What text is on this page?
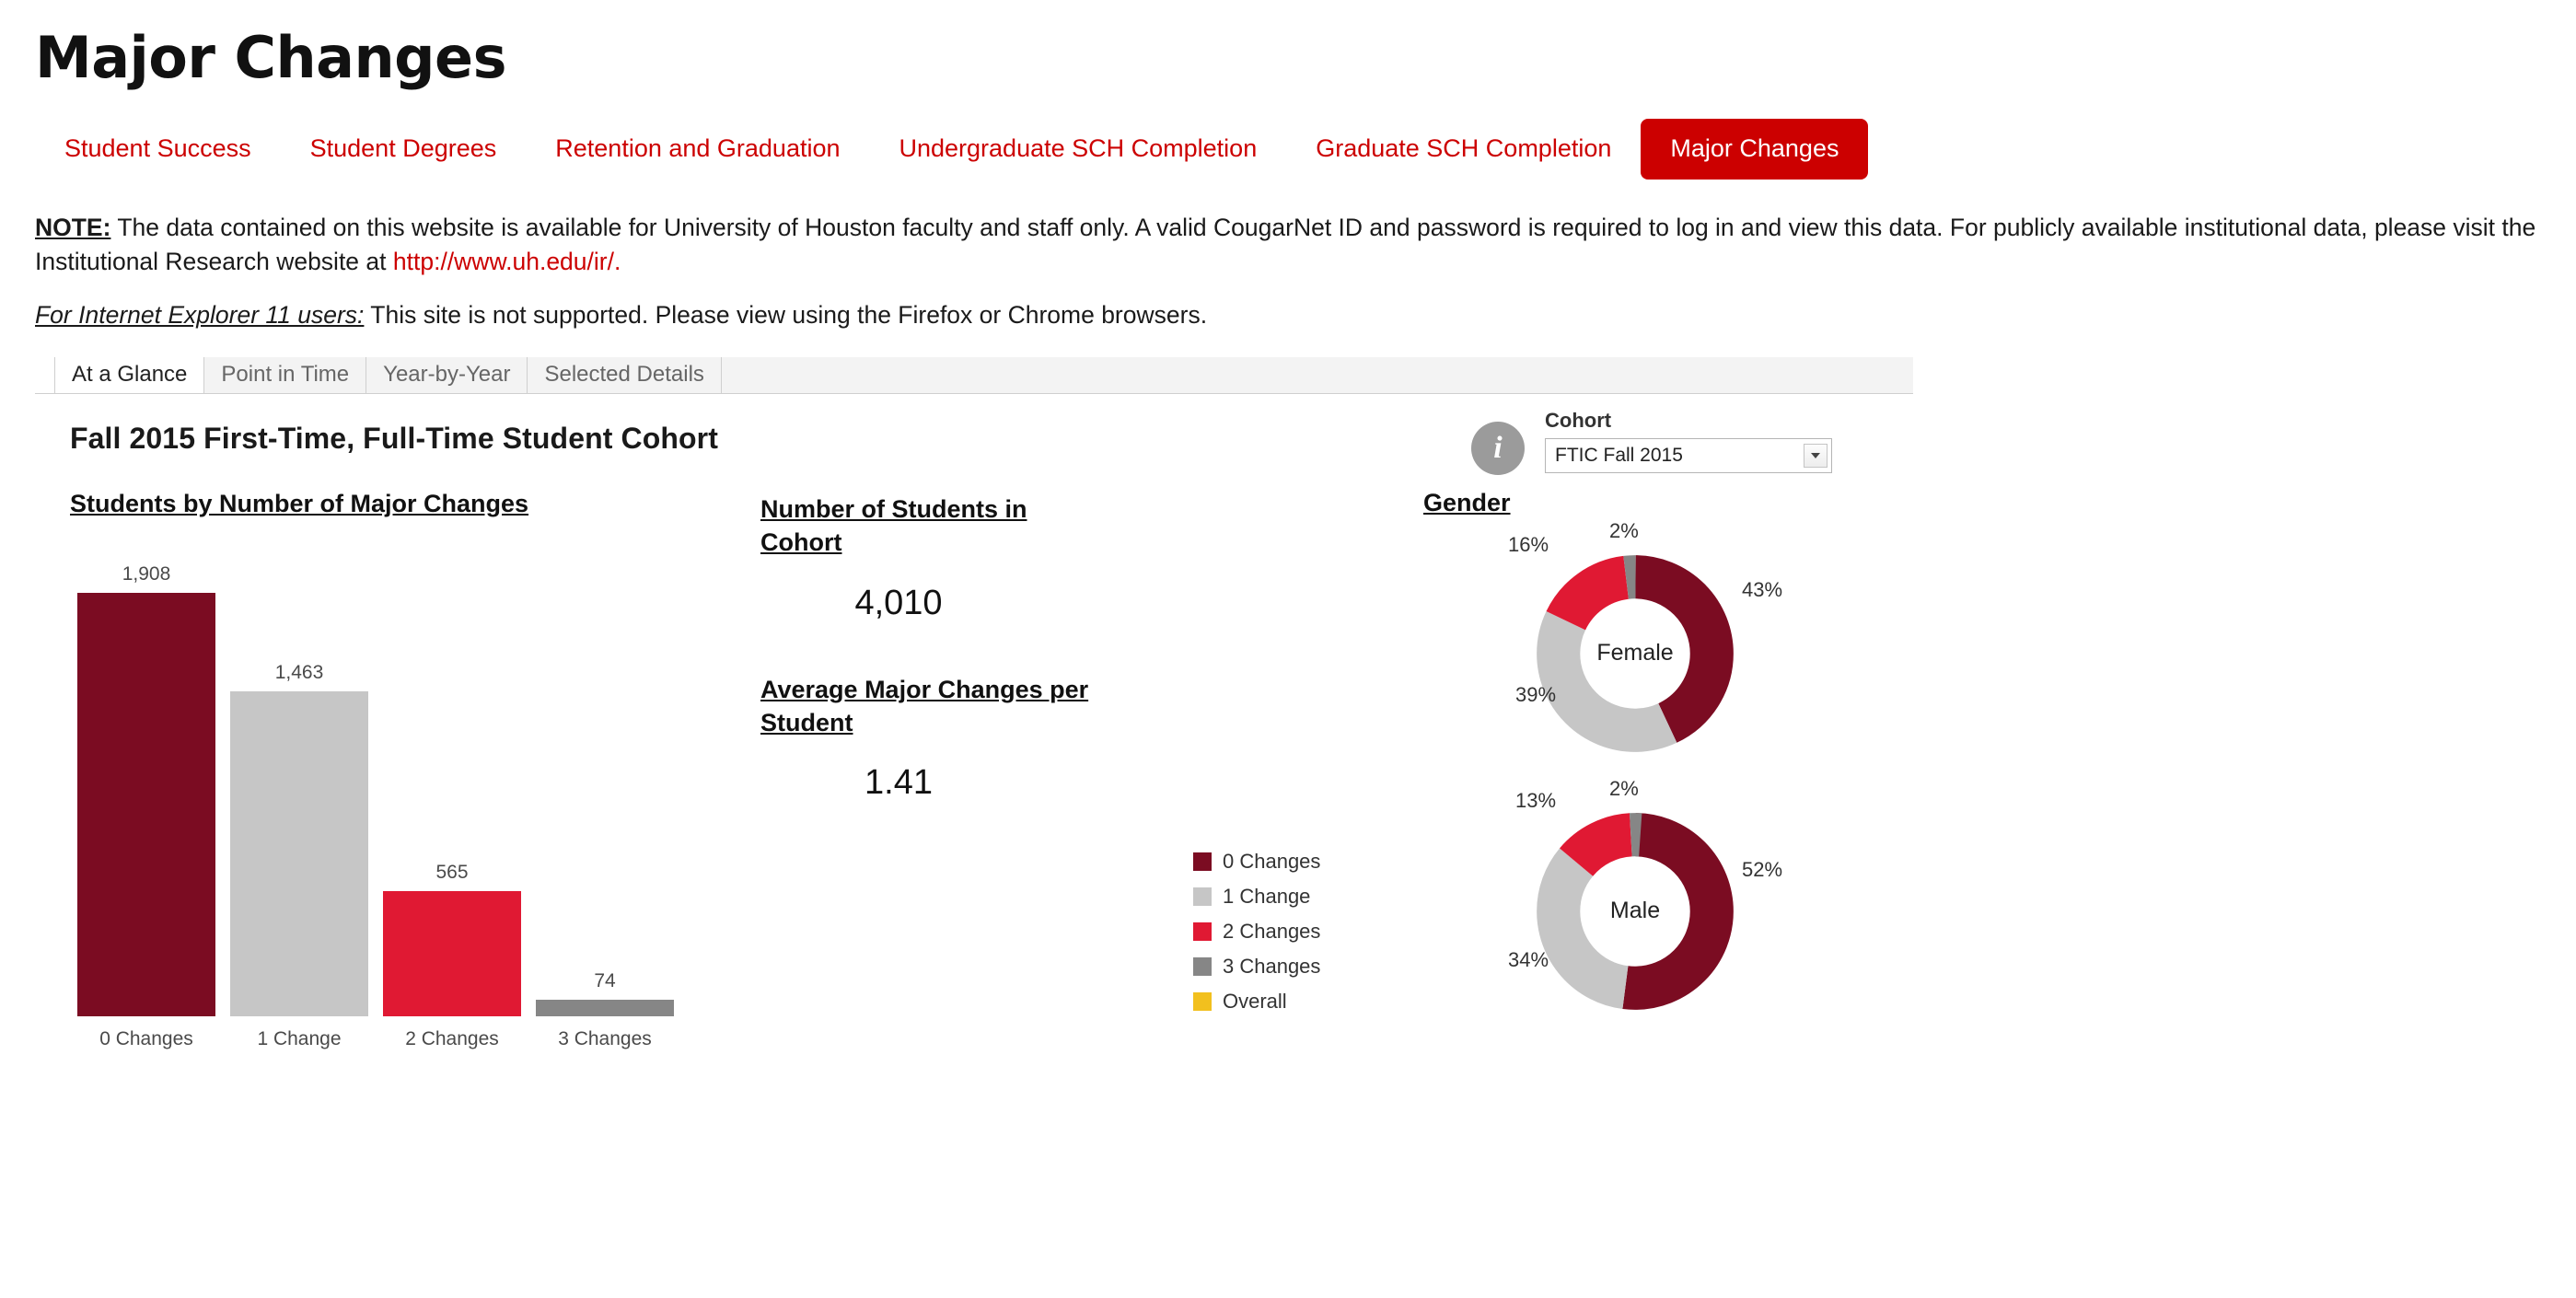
Major Changes
Student Success	Student Degrees	Retention and Graduation	Undergraduate SCH Completion	Graduate SCH Completion	Major Changes
NOTE: The data contained on this website is available for University of Houston faculty and staff only. A valid CougarNet ID and password is required to log in and view this data. For publicly available institutional data, please visit the Institutional Research website at http://www.uh.edu/ir/.
For Internet Explorer 11 users: This site is not supported. Please view using the Firefox or Chrome browsers.
At a Glance	Point in Time	Year-by-Year	Selected Details
Fall 2015 First-Time, Full-Time Student Cohort	i
Cohort
FTIC Fall 2015
Students by Number of Major Changes
1,908
1,463
565
74
0 Changes	1 Change	2 Changes	3 Changes
Number of Students in Cohort
4,010
Average Major Changes per Student
1.41
0 Changes
1 Change
2 Changes
3 Changes
Overall
Gender
Female
43%
39%
16%
2%
Male
52%
34%
13%
2%
